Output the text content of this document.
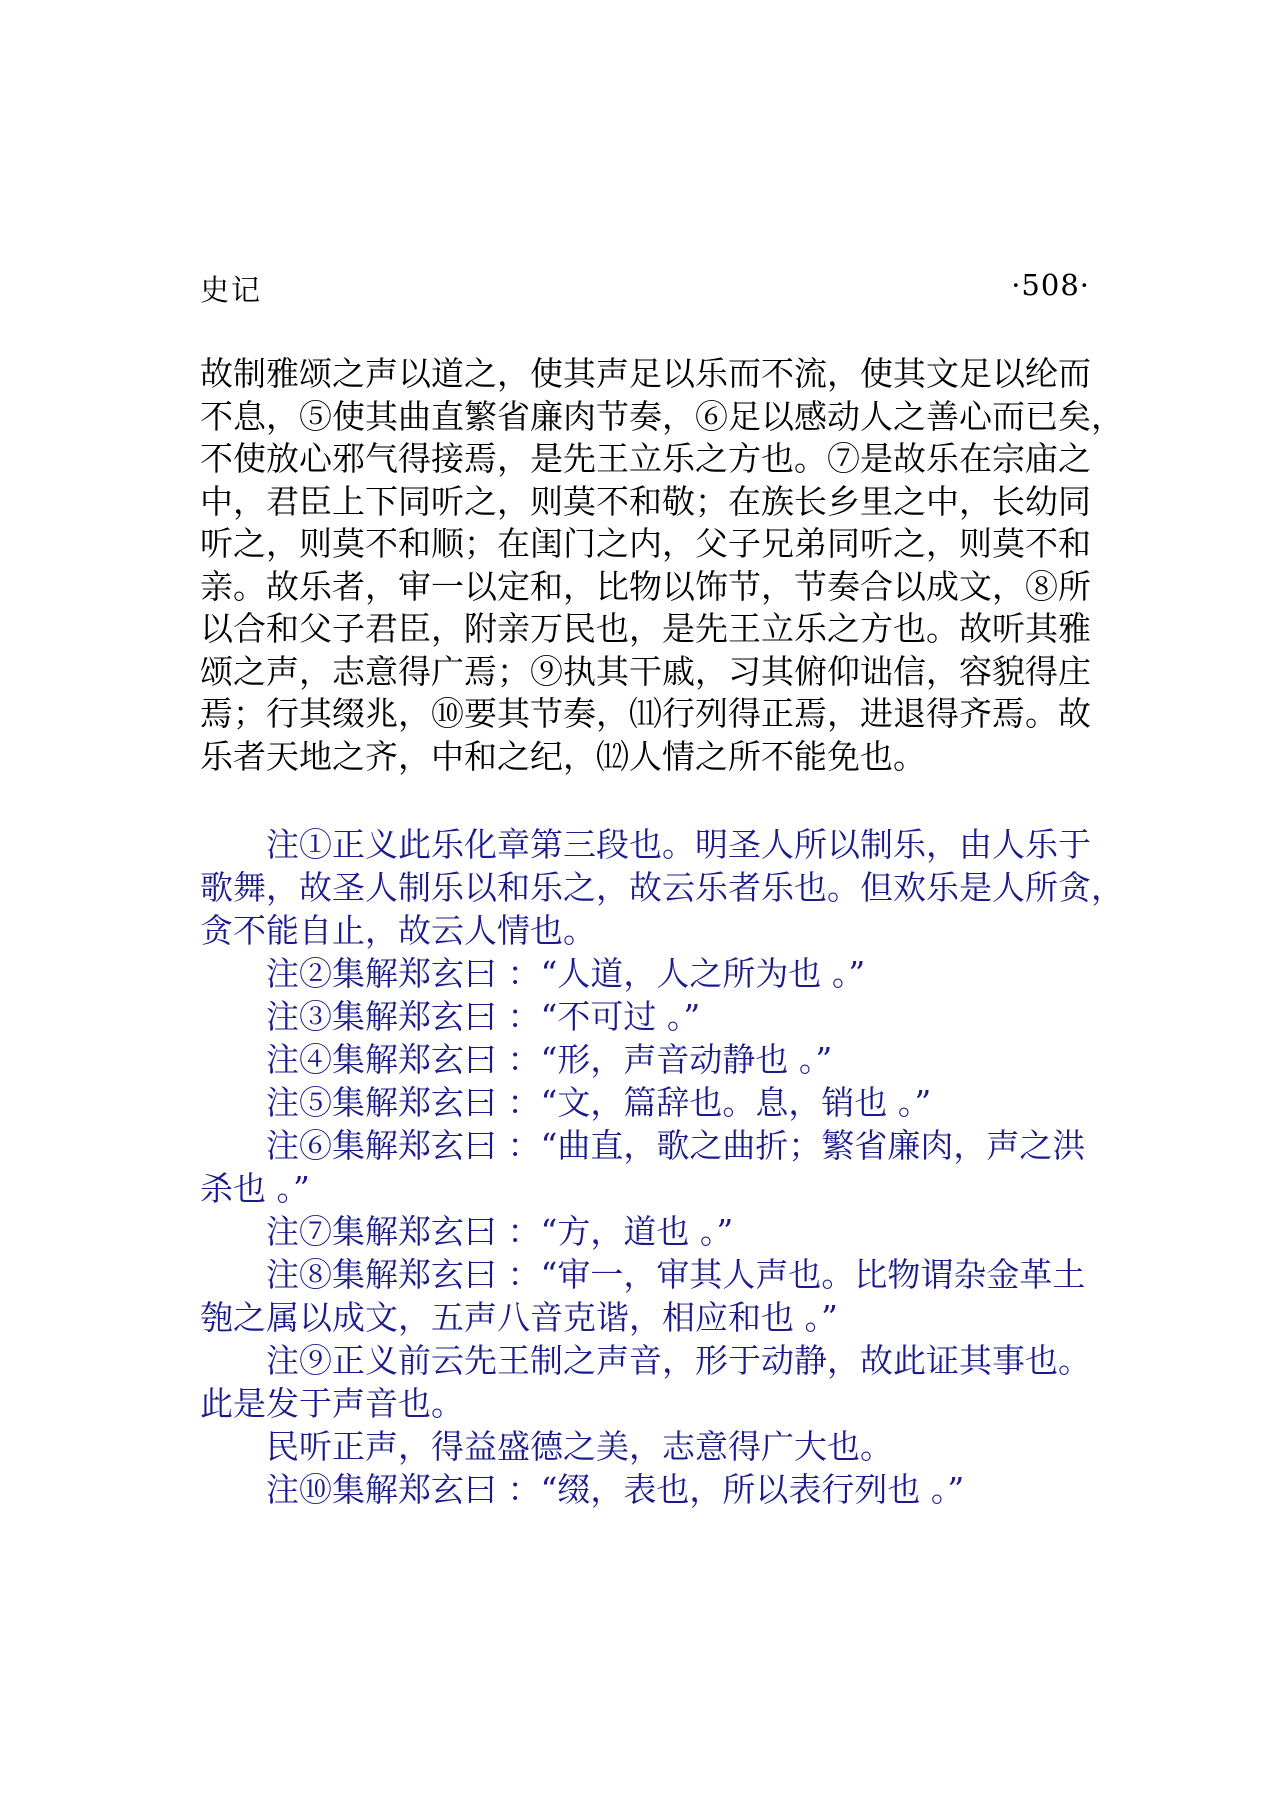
史记	·508·
故制雅颂之声以道之，使其声足以乐而不流，使其文足以纶而
不息，⑤使其曲直繁省廉肉节奏，⑥足以感动人之善心而已矣，
不使放心邪气得接焉，是先王立乐之方也。⑦是故乐在宗庙之
中，君臣上下同听之，则莫不和敬；在族长乡里之中，长幼同
听之，则莫不和顺；在闺门之内，父子兄弟同听之，则莫不和
亲。故乐者，审一以定和，比物以饰节，节奏合以成文，⑧所
以合和父子君臣，附亲万民也，是先王立乐之方也。故听其雅
颂之声，志意得广焉；⑨执其干戚，习其俯仰诎信，容貌得庄
焉；行其缀兆，⑩要其节奏，⑾行列得正焉，进退得齐焉。故
乐者天地之齐，中和之纪，⑿人情之所不能免也。
注①正义此乐化章第三段也。明圣人所以制乐，由人乐于
歌舞，故圣人制乐以和乐之，故云乐者乐也。但欢乐是人所贪，
贪不能自止，故云人情也。
注②集解郑玄曰 ：“人道，人之所为也 。”
注③集解郑玄曰 ：“不可过 。”
注④集解郑玄曰 ：“形，声音动静也 。”
注⑤集解郑玄曰 ：“文，篇辞也。息，销也 。”
注⑥集解郑玄曰 ：“曲直，歌之曲折；繁省廉肉，声之洪
杀也 。”
注⑦集解郑玄曰 ：“方，道也 。”
注⑧集解郑玄曰 ：“审一，审其人声也。比物谓杂金革土
匏之属以成文，五声八音克谐，相应和也 。”
注⑨正义前云先王制之声音，形于动静，故此证其事也。
此是发于声音也。
民听正声，得益盛德之美，志意得广大也。
注⑩集解郑玄曰 ：“缀，表也，所以表行列也 。”
